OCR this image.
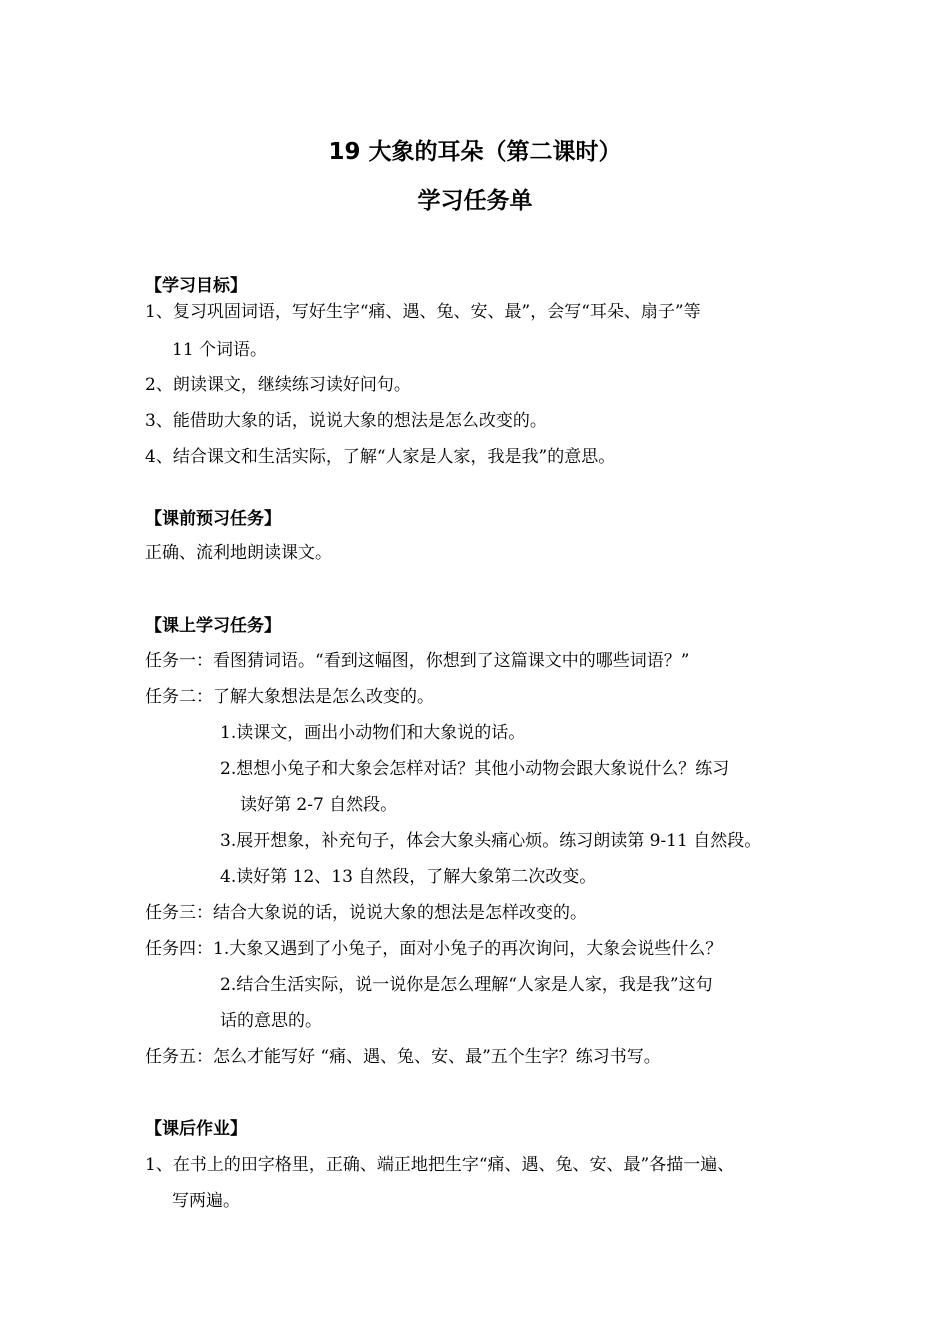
19 大象的耳朵（第二课时）
学习任务单
【学习目标】
1、复习巩固词语，写好生字“痛、遇、兔、安、最”，会写“耳朵、扇子”等
11 个词语。
2、朗读课文，继续练习读好问句。
3、能借助大象的话，说说大象的想法是怎么改变的。
4、结合课文和生活实际，了解“人家是人家，我是我”的意思。
【课前预习任务】
正确、流利地朗读课文。
【课上学习任务】
任务一：看图猜词语。“看到这幅图，你想到了这篇课文中的哪些词语？”
任务二：了解大象想法是怎么改变的。
1.读课文，画出小动物们和大象说的话。
2.想想小兔子和大象会怎样对话？其他小动物会跟大象说什么？练习
读好第 2-7 自然段。
3.展开想象，补充句子，体会大象头痛心烦。练习朗读第 9-11 自然段。
4.读好第 12、13 自然段，了解大象第二次改变。
任务三：结合大象说的话，说说大象的想法是怎样改变的。
任务四：1.大象又遇到了小兔子，面对小兔子的再次询问，大象会说些什么？
2.结合生活实际，说一说你是怎么理解“人家是人家，我是我”这句
话的意思的。
任务五：怎么才能写好 “痛、遇、兔、安、最”五个生字？练习书写。
【课后作业】
1、在书上的田字格里，正确、端正地把生字“痛、遇、兔、安、最”各描一遍、
写两遍。
